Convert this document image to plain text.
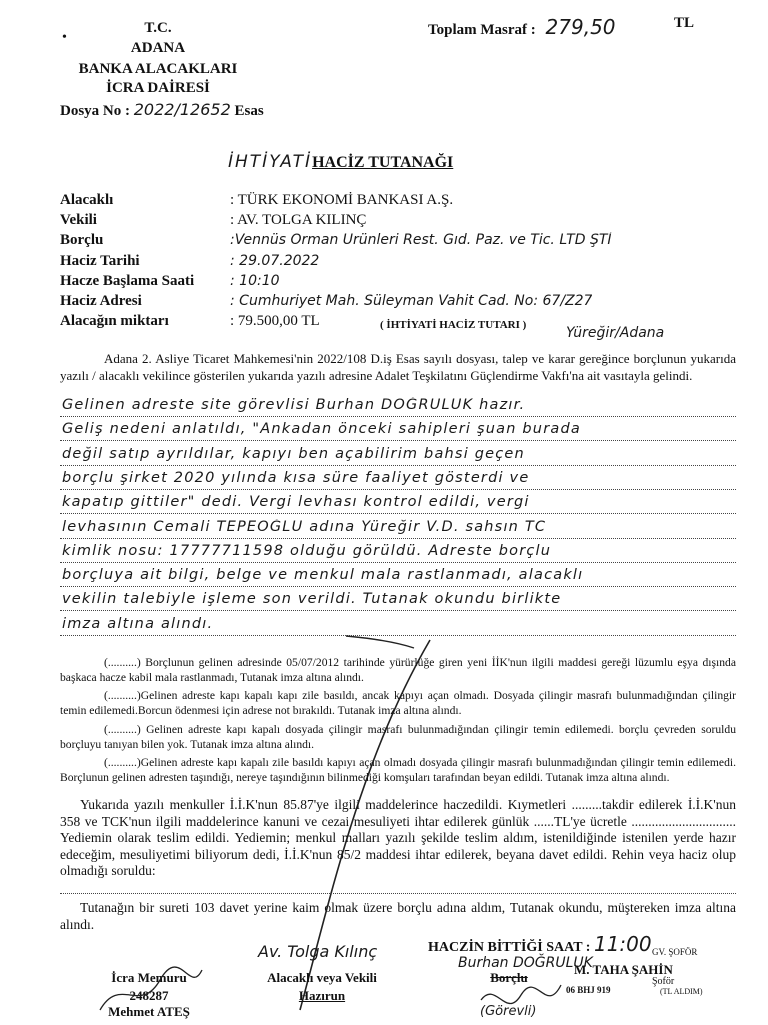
T.C.
•
ADANA
BANKA ALACAKLARI
İCRA DAİRESİ
Dosya No : 2022/12652 Esas
Toplam Masraf : 279,50	TL
İHTİYATİHACİZ TUTANAĞI
Alacaklı	: TÜRK EKONOMİ BANKASI A.Ş.
Vekili	: AV. TOLGA KILINÇ
Borçlu	:Vennüs Orman Ürünleri Rest. Gıd. Paz. ve Tic. LTD ŞTİ
Haciz Tarihi	: 29.07.2022
Hacze Başlama Saati	: 10:10
Haciz Adresi	: Cumhuriyet Mah. Süleyman Vahit Cad. No: 67/Z27
Alacağın miktarı	: 79.500,00 TL	( İHTİYATİ HACİZ TUTARI )	Yüreğir/Adana
Adana 2. Asliye Ticaret Mahkemesi'nin 2022/108 D.iş Esas sayılı dosyası, talep ve karar gereğince borçlunun yukarıda yazılı / alacaklı vekilince gösterilen yukarıda yazılı adresine Adalet Teşkilatını Güçlendirme Vakfı'na ait vasıtayla gelindi.
Gelinen adreste site görevlisi Burhan DOĞRULUK hazır.
Geliş nedeni anlatıldı, "Ankadan önceki sahipleri şuan burada
değil satıp ayrıldılar, kapıyı ben açabilirim bahsi geçen
borçlu şirket 2020 yılında kısa süre faaliyet gösterdi ve
kapatıp gittiler" dedi. Vergi levhası kontrol edildi, vergi
levhasının Cemali TEPEOĞLU adına Yüreğir V.D. sahsın TC
kimlik nosu: 17777711598 olduğu görüldü. Adreste borçlu
borçluya ait bilgi, belge ve menkul mala rastlanmadı, alacaklı
vekilin talebiyle işleme son verildi. Tutanak okundu birlikte
imza altına alındı.
(..........) Borçlunun gelinen adresinde 05/07/2012 tarihinde yürürlüğe giren yeni İİK'nun ilgili maddesi gereği lüzumlu eşya dışında başkaca hacze kabil mala rastlanmadı, Tutanak imza altına alındı.
(..........)Gelinen adreste kapı kapalı kapı zile basıldı, ancak kapıyı açan olmadı. Dosyada çilingir masrafı bulunmadığından çilingir temin edilemedi.Borcun ödenmesi için adrese not bırakıldı. Tutanak imza altına alındı.
(..........) Gelinen adreste kapı kapalı dosyada çilingir masrafı bulunmadığından çilingir temin edilemedi. borçlu çevreden soruldu borçluyu tanıyan bilen yok. Tutanak imza altına alındı.
(..........)Gelinen adreste kapı kapalı zile basıldı kapıyı açan olmadı dosyada çilingir masrafı bulunmadığından çilingir temin edilemedi. Borçlunun gelinen adresten taşındığı, nereye taşındığının bilinmediği komşuları tarafından beyan edildi. Tutanak imza altına alındı.
Yukarıda yazılı menkuller İ.İ.K'nun 85.87'ye ilgili maddelerince haczedildi. Kıymetleri .........takdir edilerek İ.İ.K'nun 358 ve TCK'nun ilgili maddelerince kanuni ve cezai mesuliyeti ihtar edilerek günlük ......TL'ye ücretle ............................... Yediemin olarak teslim edildi. Yediemin; menkul malları yazılı şekilde teslim aldım, istenildiğinde istenilen yerde hazır edeceğim, mesuliyetimi biliyorum dedi, İ.İ.K'nun 85/2 maddesi ihtar edilerek, beyana davet edildi. Rehin veya haciz olup olmadığı soruldu:
Tutanağın bir sureti 103 davet yerine kaim olmak üzere borçlu adına aldım, Tutanak okundu, müştereken imza altına alındı.
HACZİN BİTTİĞİ SAAT : 11:00
İcra Memuru
248287
Mehmet ATEŞ
Av. Tolga Kılınç
Alacaklı veya Vekili
Hazırun
Burhan DOĞRULUK
Borçlu
(Görevli)
GV. ŞOFÖR
M. TAHA ŞAHİN
Şoför
06 BHJ 919	(TL ALDIM)
